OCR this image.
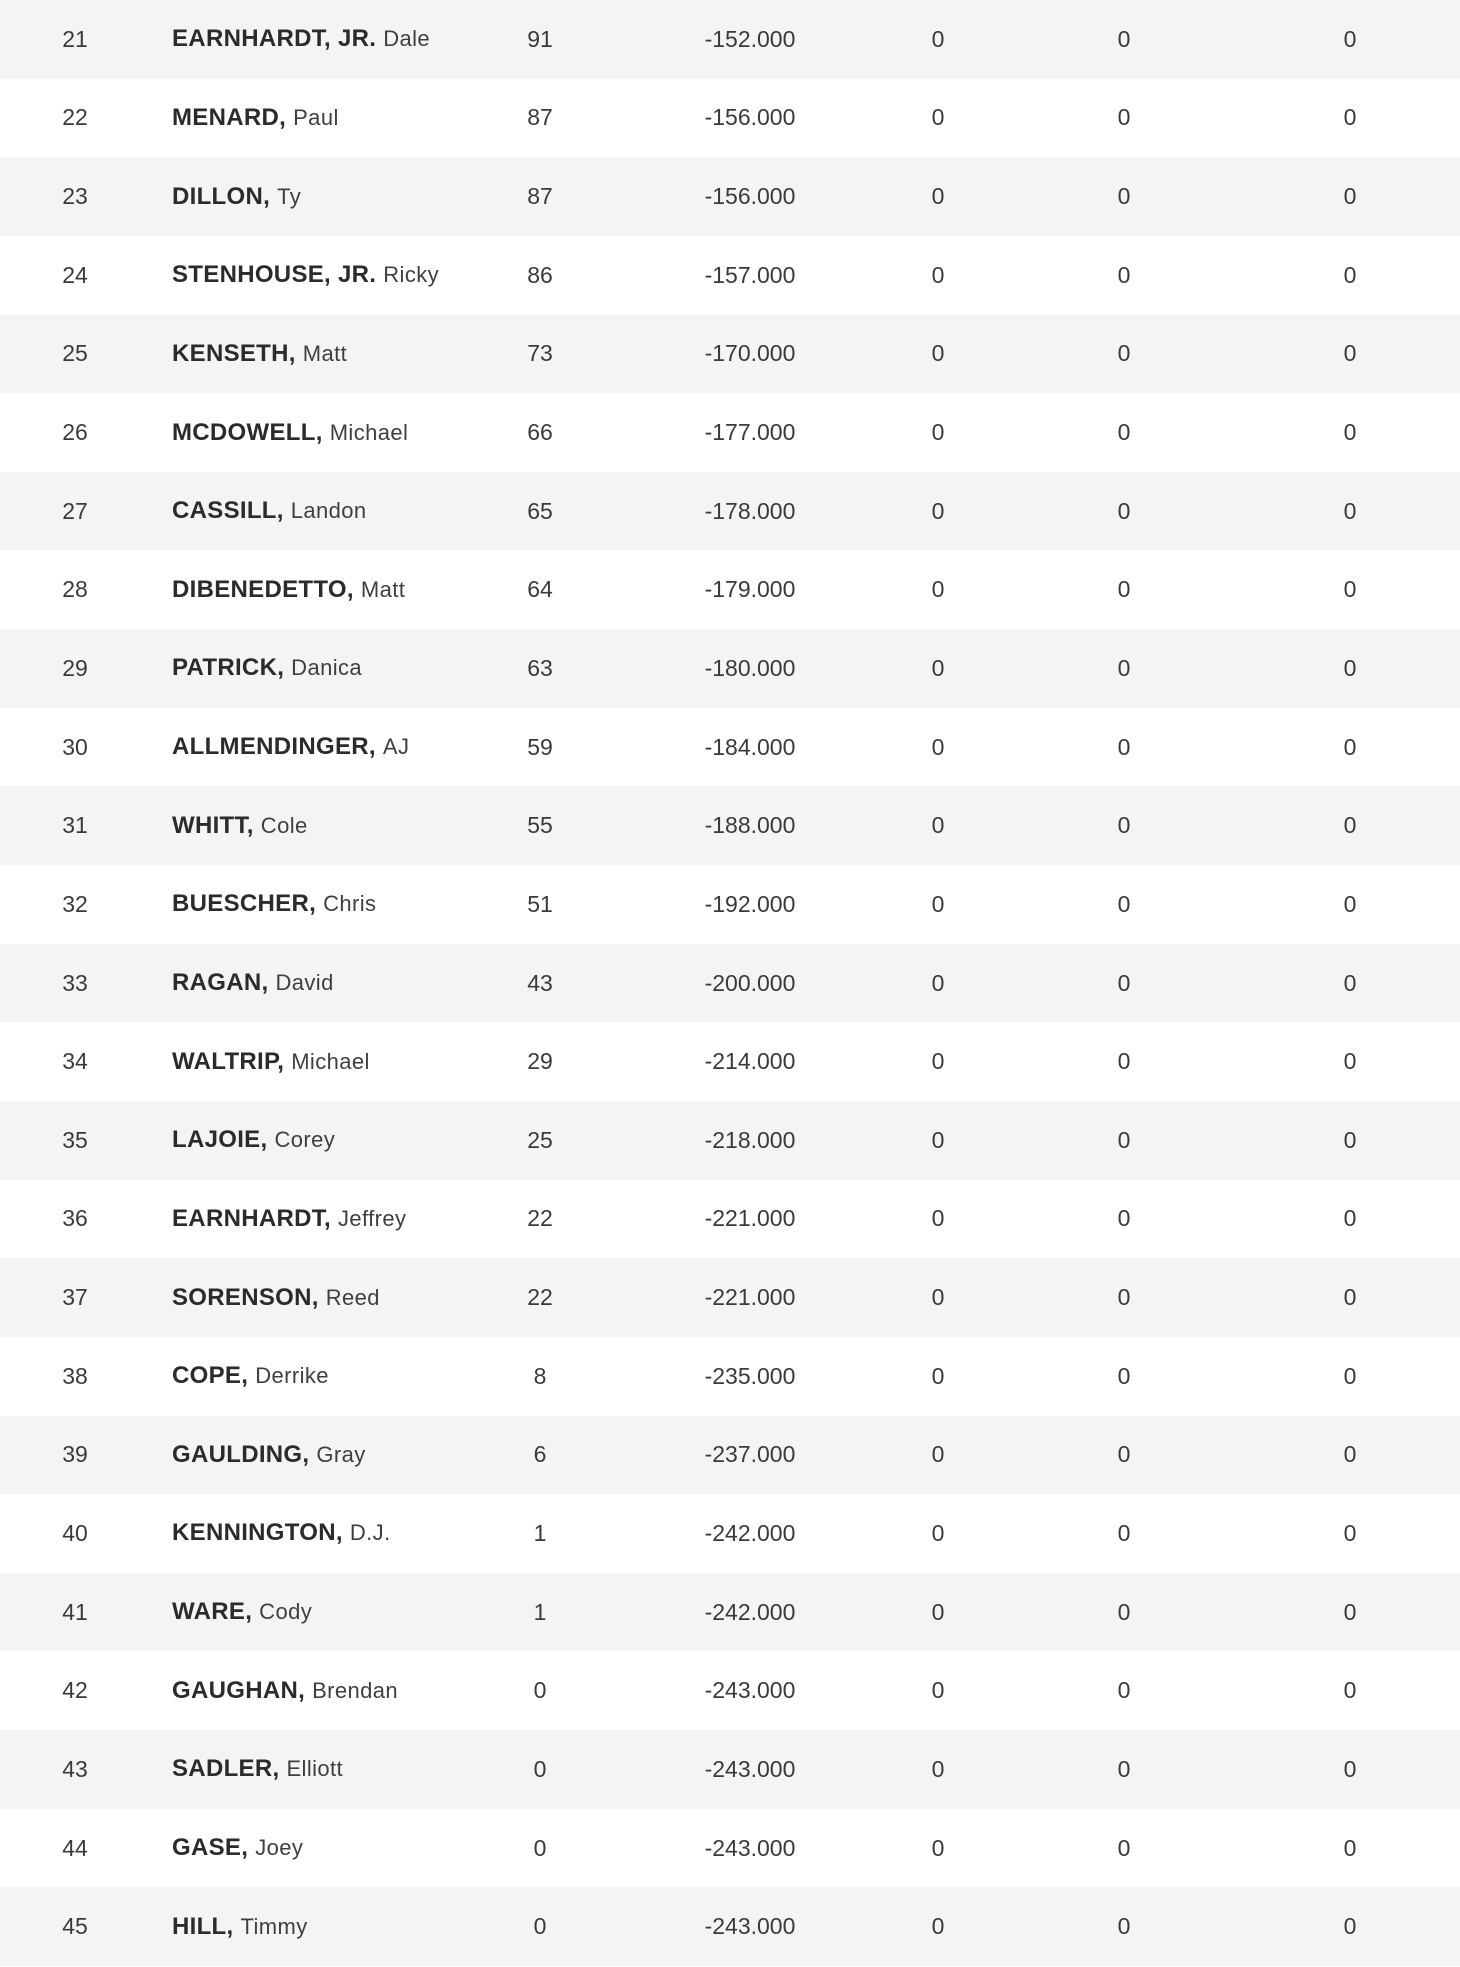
21	EARNHARDT, JR. Dale	91	-152.000	0	0	0
22	MENARD, Paul	87	-156.000	0	0	0
23	DILLON, Ty	87	-156.000	0	0	0
24	STENHOUSE, JR. Ricky	86	-157.000	0	0	0
25	KENSETH, Matt	73	-170.000	0	0	0
26	MCDOWELL, Michael	66	-177.000	0	0	0
27	CASSILL, Landon	65	-178.000	0	0	0
28	DIBENEDETTO, Matt	64	-179.000	0	0	0
29	PATRICK, Danica	63	-180.000	0	0	0
30	ALLMENDINGER, AJ	59	-184.000	0	0	0
31	WHITT, Cole	55	-188.000	0	0	0
32	BUESCHER, Chris	51	-192.000	0	0	0
33	RAGAN, David	43	-200.000	0	0	0
34	WALTRIP, Michael	29	-214.000	0	0	0
35	LAJOIE, Corey	25	-218.000	0	0	0
36	EARNHARDT, Jeffrey	22	-221.000	0	0	0
37	SORENSON, Reed	22	-221.000	0	0	0
38	COPE, Derrike	8	-235.000	0	0	0
39	GAULDING, Gray	6	-237.000	0	0	0
40	KENNINGTON, D.J.	1	-242.000	0	0	0
41	WARE, Cody	1	-242.000	0	0	0
42	GAUGHAN, Brendan	0	-243.000	0	0	0
43	SADLER, Elliott	0	-243.000	0	0	0
44	GASE, Joey	0	-243.000	0	0	0
45	HILL, Timmy	0	-243.000	0	0	0
